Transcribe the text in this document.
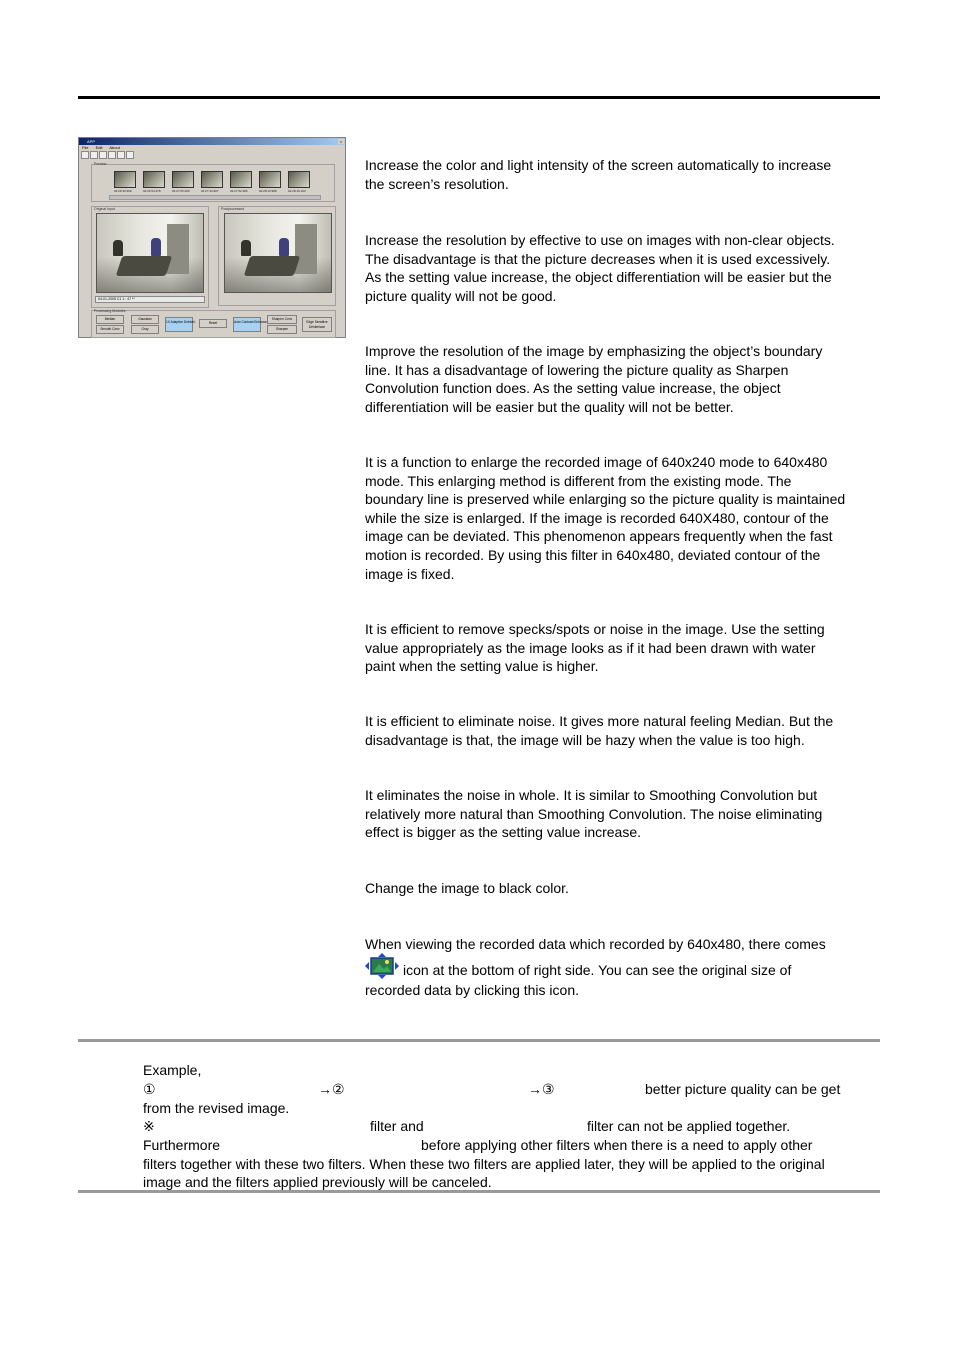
APP	×
File Edit About
Preview
02:26:30.308	02:26:54.378	02:27:05.290	02:27:43.907	02:27:52.386	02:28:13.988	02:28:16.193
Original Input
04-01-2005 C1 1 : 47 **
Postprocessed
Processing Modules
Median	Gaussian
Smooth Conv	Gray
1X Adaptive Deinterl.	Reset	Auto Contrast Enhance
Sharpen Conv
Sharpen
Edge Sensitive Deinterlace

Increase the color and light intensity of the screen automatically to increase
the screen’s resolution.

Increase the resolution by effective to use on images with non-clear objects.
The disadvantage is that the picture decreases when it is used excessively.
As the setting value increase, the object differentiation will be easier but the
picture quality will not be good.

Improve the resolution of the image by emphasizing the object’s boundary
line. It has a disadvantage of lowering the picture quality as Sharpen
Convolution function does. As the setting value increase, the object
differentiation will be easier but the quality will not be better.

It is a function to enlarge the recorded image of 640x240 mode to 640x480
mode. This enlarging method is different from the existing mode. The
boundary line is preserved while enlarging so the picture quality is maintained
while the size is enlarged. If the image is recorded 640X480, contour of the
image can be deviated. This phenomenon appears frequently when the fast
motion is recorded. By using this filter in 640x480, deviated contour of the
image is fixed.

It is efficient to remove specks/spots or noise in the image. Use the setting
value appropriately as the image looks as if it had been drawn with water
paint when the setting value is higher.

It is efficient to eliminate noise. It gives more natural feeling Median. But the
disadvantage is that, the image will be hazy when the value is too high.

It eliminates the noise in whole. It is similar to Smoothing Convolution but
relatively more natural than Smoothing Convolution. The noise eliminating
effect is bigger as the setting value increase.

Change the image to black color.

When viewing the recorded data which recorded by 640x480, there comes

icon at the bottom of right side. You can see the original size of
recorded data by clicking this icon.

Example,

①	→②	→③	better picture quality can be get

from the revised image.

※	filter and	filter can not be applied together.

Furthermore	before applying other filters when there is a need to apply other

filters together with these two filters. When these two filters are applied later, they will be applied to the original

image and the filters applied previously will be canceled.
